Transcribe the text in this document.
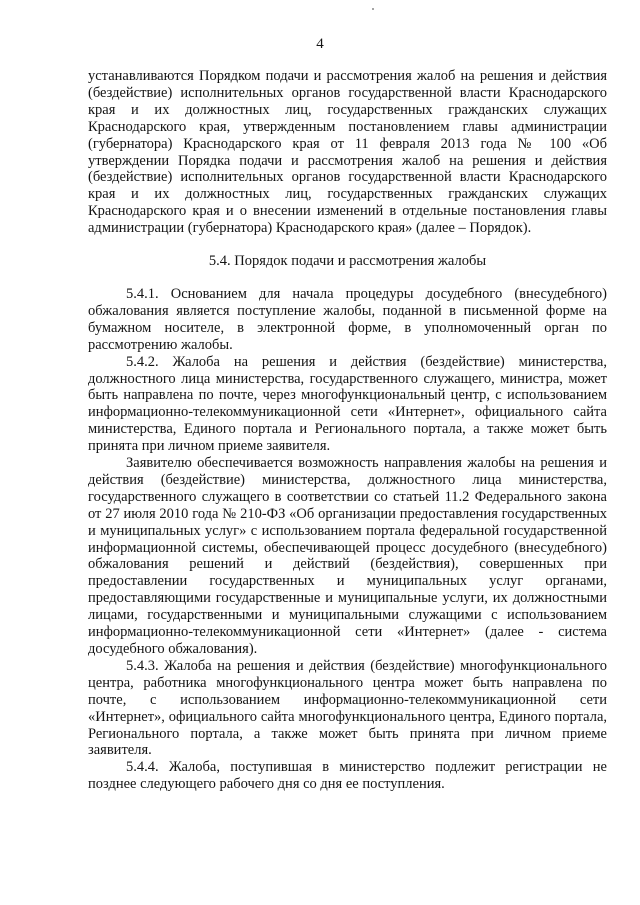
4

устанавливаются Порядком подачи и рассмотрения жалоб на решения и действия (бездействие) исполнительных органов государственной власти Краснодарского края и их должностных лиц, государственных гражданских служащих Краснодарского края, утвержденным постановлением главы администрации (губернатора) Краснодарского края от 11 февраля 2013 года № 100 «Об утверждении Порядка подачи и рассмотрения жалоб на решения и действия (бездействие) исполнительных органов государственной власти Краснодарского края и их должностных лиц, государственных гражданских служащих Краснодарского края и о внесении изменений в отдельные постановления главы администрации (губернатора) Краснодарского края» (далее – Порядок).

5.4. Порядок подачи и рассмотрения жалобы

5.4.1. Основанием для начала процедуры досудебного (внесудебного) обжалования является поступление жалобы, поданной в письменной форме на бумажном носителе, в электронной форме, в уполномоченный орган по рассмотрению жалобы.

5.4.2. Жалоба на решения и действия (бездействие) министерства, должностного лица министерства, государственного служащего, министра, может быть направлена по почте, через многофункциональный центр, с использованием информационно-телекоммуникационной сети «Интернет», официального сайта министерства, Единого портала и Регионального портала, а также может быть принята при личном приеме заявителя.

Заявителю обеспечивается возможность направления жалобы на решения и действия (бездействие) министерства, должностного лица министерства, государственного служащего в соответствии со статьей 11.2 Федерального закона от 27 июля 2010 года № 210-ФЗ «Об организации предоставления государственных и муниципальных услуг» с использованием портала федеральной государственной информационной системы, обеспечивающей процесс досудебного (внесудебного) обжалования решений и действий (бездействия), совершенных при предоставлении государственных и муниципальных услуг органами, предоставляющими государственные и муниципальные услуги, их должностными лицами, государственными и муниципальными служащими с использованием информационно-телекоммуникационной сети «Интернет» (далее - система досудебного обжалования).

5.4.3. Жалоба на решения и действия (бездействие) многофункционального центра, работника многофункционального центра может быть направлена по почте, с использованием информационно-телекоммуникационной сети «Интернет», официального сайта многофункционального центра, Единого портала, Регионального портала, а также может быть принята при личном приеме заявителя.

5.4.4. Жалоба, поступившая в министерство подлежит регистрации не позднее следующего рабочего дня со дня ее поступления.
